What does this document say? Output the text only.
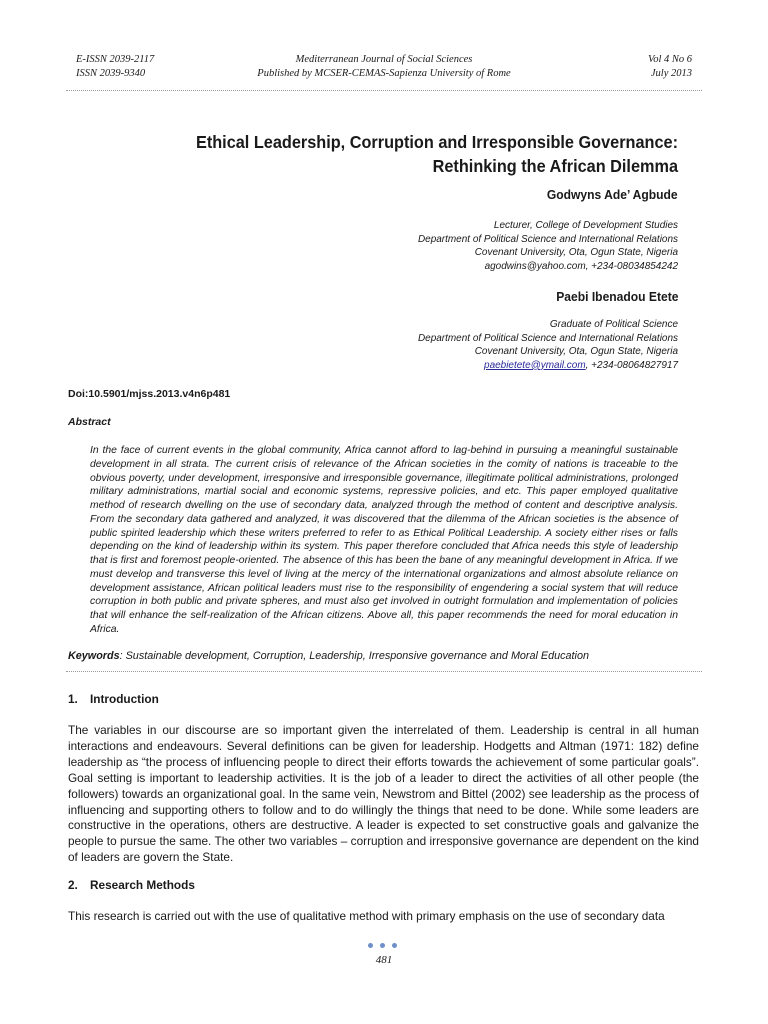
E-ISSN 2039-2117
ISSN 2039-9340
Mediterranean Journal of Social Sciences
Published by MCSER-CEMAS-Sapienza University of Rome
Vol 4 No 6
July 2013
Ethical Leadership, Corruption and Irresponsible Governance:
Rethinking the African Dilemma
Godwyns Ade’ Agbude
Lecturer, College of Development Studies
Department of Political Science and International Relations
Covenant University, Ota, Ogun State, Nigeria
agodwins@yahoo.com, +234-08034854242
Paebi Ibenadou Etete
Graduate of Political Science
Department of Political Science and International Relations
Covenant University, Ota, Ogun State, Nigeria
paebietete@ymail.com, +234-08064827917
Doi:10.5901/mjss.2013.v4n6p481
Abstract
In the face of current events in the global community, Africa cannot afford to lag-behind in pursuing a meaningful sustainable development in all strata. The current crisis of relevance of the African societies in the comity of nations is traceable to the obvious poverty, under development, irresponsive and irresponsible governance, illegitimate political administrations, prolonged military administrations, martial social and economic systems, repressive policies, and etc. This paper employed qualitative method of research dwelling on the use of secondary data, analyzed through the method of content and descriptive analysis. From the secondary data gathered and analyzed, it was discovered that the dilemma of the African societies is the absence of public spirited leadership which these writers preferred to refer to as Ethical Political Leadership. A society either rises or falls depending on the kind of leadership within its system. This paper therefore concluded that Africa needs this style of leadership that is first and foremost people-oriented. The absence of this has been the bane of any meaningful development in Africa. If we must develop and transverse this level of living at the mercy of the international organizations and almost absolute reliance on development assistance, African political leaders must rise to the responsibility of engendering a social system that will reduce corruption in both public and private spheres, and must also get involved in outright formulation and implementation of policies that will enhance the self-realization of the African citizens. Above all, this paper recommends the need for moral education in Africa.
Keywords: Sustainable development, Corruption, Leadership, Irresponsive governance and Moral Education
1. Introduction
The variables in our discourse are so important given the interrelated of them. Leadership is central in all human interactions and endeavours. Several definitions can be given for leadership. Hodgetts and Altman (1971: 182) define leadership as “the process of influencing people to direct their efforts towards the achievement of some particular goals”. Goal setting is important to leadership activities. It is the job of a leader to direct the activities of all other people (the followers) towards an organizational goal. In the same vein, Newstrom and Bittel (2002) see leadership as the process of influencing and supporting others to follow and to do willingly the things that need to be done. While some leaders are constructive in the operations, others are destructive. A leader is expected to set constructive goals and galvanize the people to pursue the same. The other two variables – corruption and irresponsive governance are dependent on the kind of leaders are govern the State.
2. Research Methods
This research is carried out with the use of qualitative method with primary emphasis on the use of secondary data
481
